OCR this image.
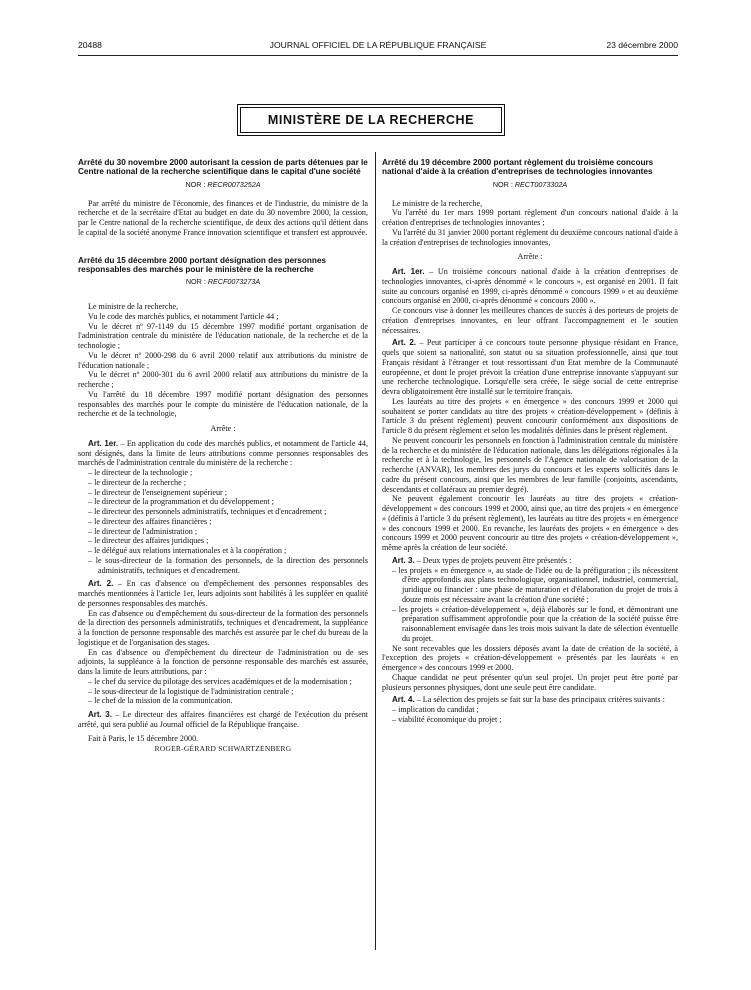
20488	JOURNAL OFFICIEL DE LA RÉPUBLIQUE FRANÇAISE	23 décembre 2000
MINISTÈRE DE LA RECHERCHE
Arrêté du 30 novembre 2000 autorisant la cession de parts détenues par le Centre national de la recherche scientifique dans le capital d'une société
NOR : RECR0073252A
Par arrêté du ministre de l'économie, des finances et de l'industrie, du ministre de la recherche et de la secrétaire d'Etat au budget en date du 30 novembre 2000, la cession, par le Centre national de la recherche scientifique, de deux des actions qu'il détient dans le capital de la société anonyme France innovation scientifique et transfert est approuvée.
Arrêté du 15 décembre 2000 portant désignation des personnes responsables des marchés pour le ministère de la recherche
NOR : RECF0073273A
Le ministre de la recherche,
Vu le code des marchés publics, et notamment l'article 44 ;
Vu le décret nº 97-1149 du 15 décembre 1997 modifié portant organisation de l'administration centrale du ministère de l'éducation nationale, de la recherche et de la technologie ;
Vu le décret nº 2000-298 du 6 avril 2000 relatif aux attributions du ministre de l'éducation nationale ;
Vu le décret nº 2000-301 du 6 avril 2000 relatif aux attributions du ministre de la recherche ;
Vu l'arrêté du 18 décembre 1997 modifié portant désignation des personnes responsables des marchés pour le compte du ministère de l'éducation nationale, de la recherche et de la technologie,
Arrête :
Art. 1er. – En application du code des marchés publics, et notamment de l'article 44, sont désignés, dans la limite de leurs attributions comme personnes responsables des marchés de l'administration centrale du ministère de la recherche :
– le directeur de la technologie ;
– le directeur de la recherche ;
– le directeur de l'enseignement supérieur ;
– le directeur de la programmation et du développement ;
– le directeur des personnels administratifs, techniques et d'encadrement ;
– le directeur des affaires financières ;
– le directeur de l'administration ;
– le directeur des affaires juridiques ;
– le délégué aux relations internationales et à la coopération ;
– le sous-directeur de la formation des personnels, de la direction des personnels administratifs, techniques et d'encadrement.
Art. 2. – En cas d'absence ou d'empêchement des personnes responsables des marchés mentionnées à l'article 1er, leurs adjoints sont habilités à les suppléer en qualité de personnes responsables des marchés.
En cas d'absence ou d'empêchement du sous-directeur de la formation des personnels de la direction des personnels administratifs, techniques et d'encadrement, la suppléance à la fonction de personne responsable des marchés est assurée par le chef du bureau de la logistique et de l'organisation des stages.
En cas d'absence ou d'empêchement du directeur de l'administration ou de ses adjoints, la suppléance à la fonction de personne responsable des marchés est assurée, dans la limite de leurs attributions, par :
– le chef du service du pilotage des services académiques et de la modernisation ;
– le sous-directeur de la logistique de l'administration centrale ;
– le chef de la mission de la communication.
Art. 3. – Le directeur des affaires financières est chargé de l'exécution du présent arrêté, qui sera publié au Journal officiel de la République française.
Fait à Paris, le 15 décembre 2000.
ROGER-GÉRARD SCHWARTZENBERG
Arrêté du 19 décembre 2000 portant règlement du troisième concours national d'aide à la création d'entreprises de technologies innovantes
NOR : RECT0073302A
Le ministre de la recherche,
Vu l'arrêté du 1er mars 1999 portant règlement d'un concours national d'aide à la création d'entreprises de technologies innovantes ;
Vu l'arrêté du 31 janvier 2000 portant règlement du deuxième concours national d'aide à la création d'entreprises de technologies innovantes,
Arrête :
Art. 1er. – Un troisième concours national d'aide à la création d'entreprises de technologies innovantes, ci-après dénommé « le concours », est organisé en 2001. Il fait suite au concours organisé en 1999, ci-après dénommé « concours 1999 » et au deuxième concours organisé en 2000, ci-après dénommé « concours 2000 ».
Ce concours vise à donner les meilleures chances de succès à des porteurs de projets de création d'entreprises innovantes, en leur offrant l'accompagnement et le soutien nécessaires.
Art. 2. – Peut participer à ce concours toute personne physique résidant en France, quels que soient sa nationalité, son statut ou sa situation professionnelle, ainsi que tout Français résidant à l'étranger et tout ressortissant d'un Etat membre de la Communauté européenne, et dont le projet prévoit la création d'une entreprise innovante s'appuyant sur une recherche technologique. Lorsqu'elle sera créée, le siège social de cette entreprise devra obligatoirement être installé sur le territoire français.
Les lauréats au titre des projets « en émergence » des concours 1999 et 2000 qui souhaitent se porter candidats au titre des projets « création-développement » (définis à l'article 3 du présent règlement) peuvent concourir conformément aux dispositions de l'article 8 du présent règlement et selon les modalités définies dans le présent règlement.
Ne peuvent concourir les personnels en fonction à l'administration centrale du ministère de la recherche et du ministère de l'éducation nationale, dans les délégations régionales à la recherche et à la technologie, les personnels de l'Agence nationale de valorisation de la recherche (ANVAR), les membres des jurys du concours et les experts sollicités dans le cadre du présent concours, ainsi que les membres de leur famille (conjoints, ascendants, descendants et collatéraux au premier degré).
Ne peuvent également concourir les lauréats au titre des projets « création-développement » des concours 1999 et 2000, ainsi que, au titre des projets « en émergence » (définis à l'article 3 du présent règlement), les lauréats au titre des projets « en émergence » des concours 1999 et 2000. En revanche, les lauréats des projets « en émergence » des concours 1999 et 2000 peuvent concourir au titre des projets « création-développement », même après la création de leur société.
Art. 3. – Deux types de projets peuvent être présentés :
– les projets « en émergence », au stade de l'idée ou de la préfiguration ; ils nécessitent d'être approfondis aux plans technologique, organisationnel, industriel, commercial, juridique ou financier : une phase de maturation et d'élaboration du projet de trois à douze mois est nécessaire avant la création d'une société ;
– les projets « création-développement », déjà élaborés sur le fond, et démontrant une préparation suffisamment approfondie pour que la création de la société puisse être raisonnablement envisagée dans les trois mois suivant la date de sélection éventuelle du projet.
Ne sont recevables que les dossiers déposés avant la date de création de la société, à l'exception des projets « création-développement » présentés par les lauréats « en émergence » des concours 1999 et 2000.
Chaque candidat ne peut présenter qu'un seul projet. Un projet peut être porté par plusieurs personnes physiques, dont une seule peut être candidate.
Art. 4. – La sélection des projets se fait sur la base des principaux critères suivants :
– implication du candidat ;
– viabilité économique du projet ;
